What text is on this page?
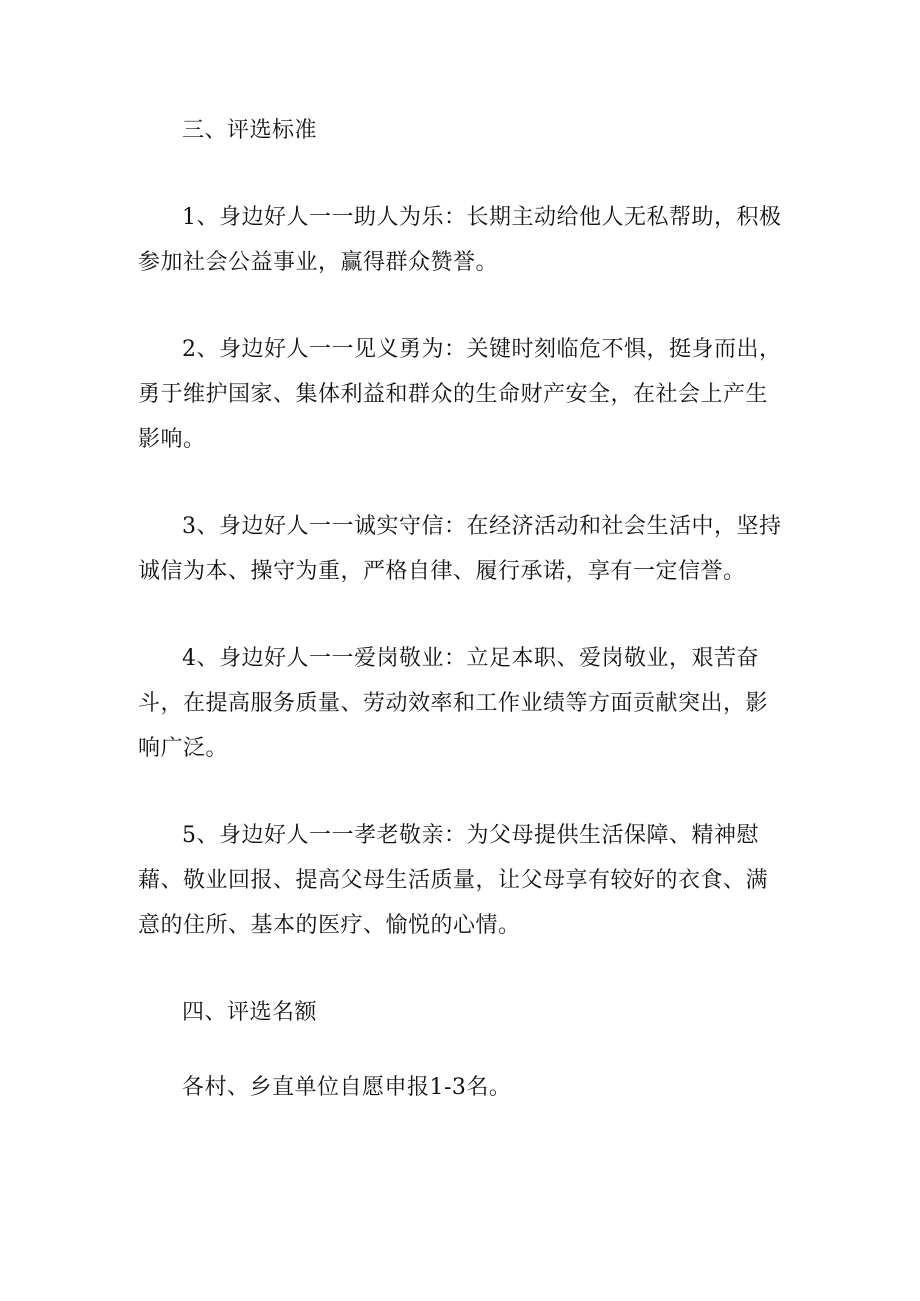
三、评选标准

1、身边好人一一助人为乐：长期主动给他人无私帮助，积极参加社会公益事业，赢得群众赞誉。

2、身边好人一一见义勇为：关键时刻临危不惧，挺身而出，勇于维护国家、集体利益和群众的生命财产安全，在社会上产生影响。

3、身边好人一一诚实守信：在经济活动和社会生活中，坚持诚信为本、操守为重，严格自律、履行承诺，享有一定信誉。

4、身边好人一一爱岗敬业：立足本职、爱岗敬业，艰苦奋斗，在提高服务质量、劳动效率和工作业绩等方面贡献突出，影响广泛。

5、身边好人一一孝老敬亲：为父母提供生活保障、精神慰藉、敬业回报、提高父母生活质量，让父母享有较好的衣食、满意的住所、基本的医疗、愉悦的心情。

四、评选名额

各村、乡直单位自愿申报1-3名。
